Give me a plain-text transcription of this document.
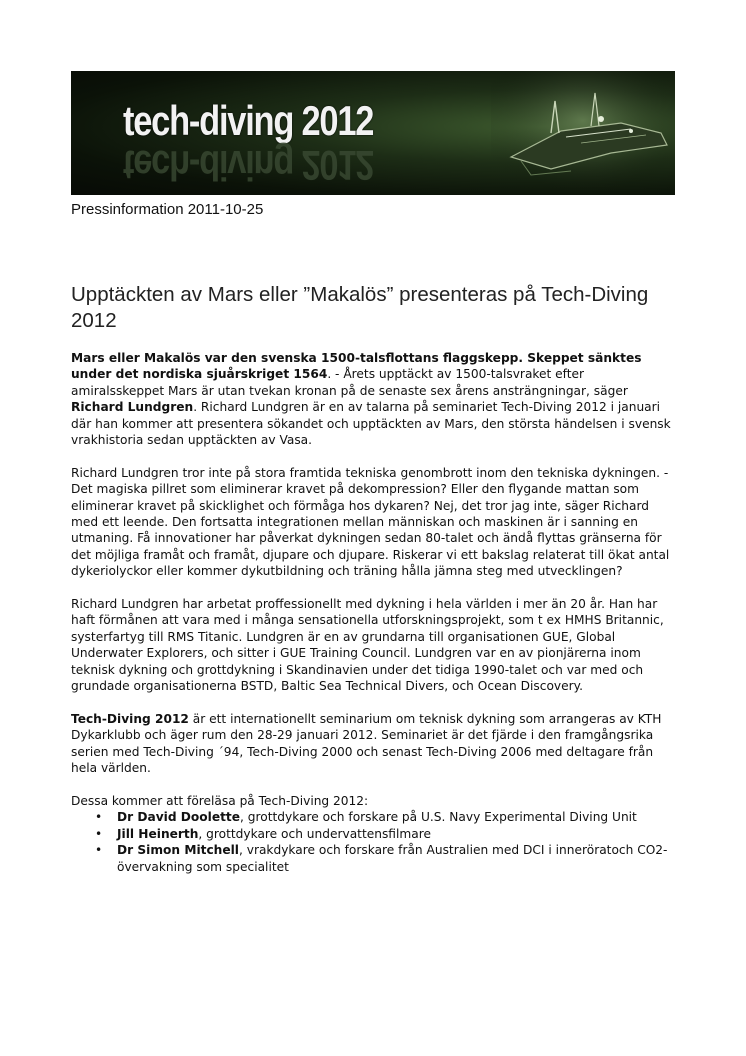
tech-diving 2012
tech-diving 2012
Pressinformation 2011-10-25
Upptäckten av Mars eller ”Makalös” presenteras på Tech-Diving 2012

Mars eller Makalös var den svenska 1500-talsflottans flaggskepp. Skeppet sänktes under det nordiska sjuårskriget 1564. - Årets upptäckt av 1500-talsvraket efter amiralsskeppet Mars är utan tvekan kronan på de senaste sex årens ansträngningar, säger Richard Lundgren. Richard Lundgren är en av talarna på seminariet Tech-Diving 2012 i januari där han kommer att presentera sökandet och upptäckten av Mars, den största händelsen i svensk vrakhistoria sedan upptäckten av Vasa.

Richard Lundgren tror inte på stora framtida tekniska genombrott inom den tekniska dykningen. - Det magiska pillret som eliminerar kravet på dekompression? Eller den flygande mattan som eliminerar kravet på skicklighet och förmåga hos dykaren? Nej, det tror jag inte, säger Richard med ett leende. Den fortsatta integrationen mellan människan och maskinen är i sanning en utmaning. Få innovationer har påverkat dykningen sedan 80-talet och ändå flyttas gränserna för det möjliga framåt och framåt, djupare och djupare. Riskerar vi ett bakslag relaterat till ökat antal dykeriolyckor eller kommer dykutbildning och träning hålla jämna steg med utvecklingen?

Richard Lundgren har arbetat proffessionellt med dykning i hela världen i mer än 20 år. Han har haft förmånen att vara med i många sensationella utforskningsprojekt, som t ex HMHS Britannic, systerfartyg till RMS Titanic. Lundgren är en av grundarna till organisationen GUE, Global Underwater Explorers, och sitter i GUE Training Council. Lundgren var en av pionjärerna inom teknisk dykning och grottdykning i Skandinavien under det tidiga 1990-talet och var med och grundade organisationerna BSTD, Baltic Sea Technical Divers, och Ocean Discovery.

Tech-Diving 2012 är ett internationellt seminarium om teknisk dykning som arrangeras av KTH Dykarklubb och äger rum den 28-29 januari 2012. Seminariet är det fjärde i den framgångsrika serien med Tech-Diving ´94, Tech-Diving 2000 och senast Tech-Diving 2006 med deltagare från hela världen.

Dessa kommer att föreläsa på Tech-Diving 2012:
• Dr David Doolette, grottdykare och forskare på U.S. Navy Experimental Diving Unit
• Jill Heinerth, grottdykare och undervattensfilmare
• Dr Simon Mitchell, vrakdykare och forskare från Australien med DCI i inneröratoch CO2-övervakning som specialitet
